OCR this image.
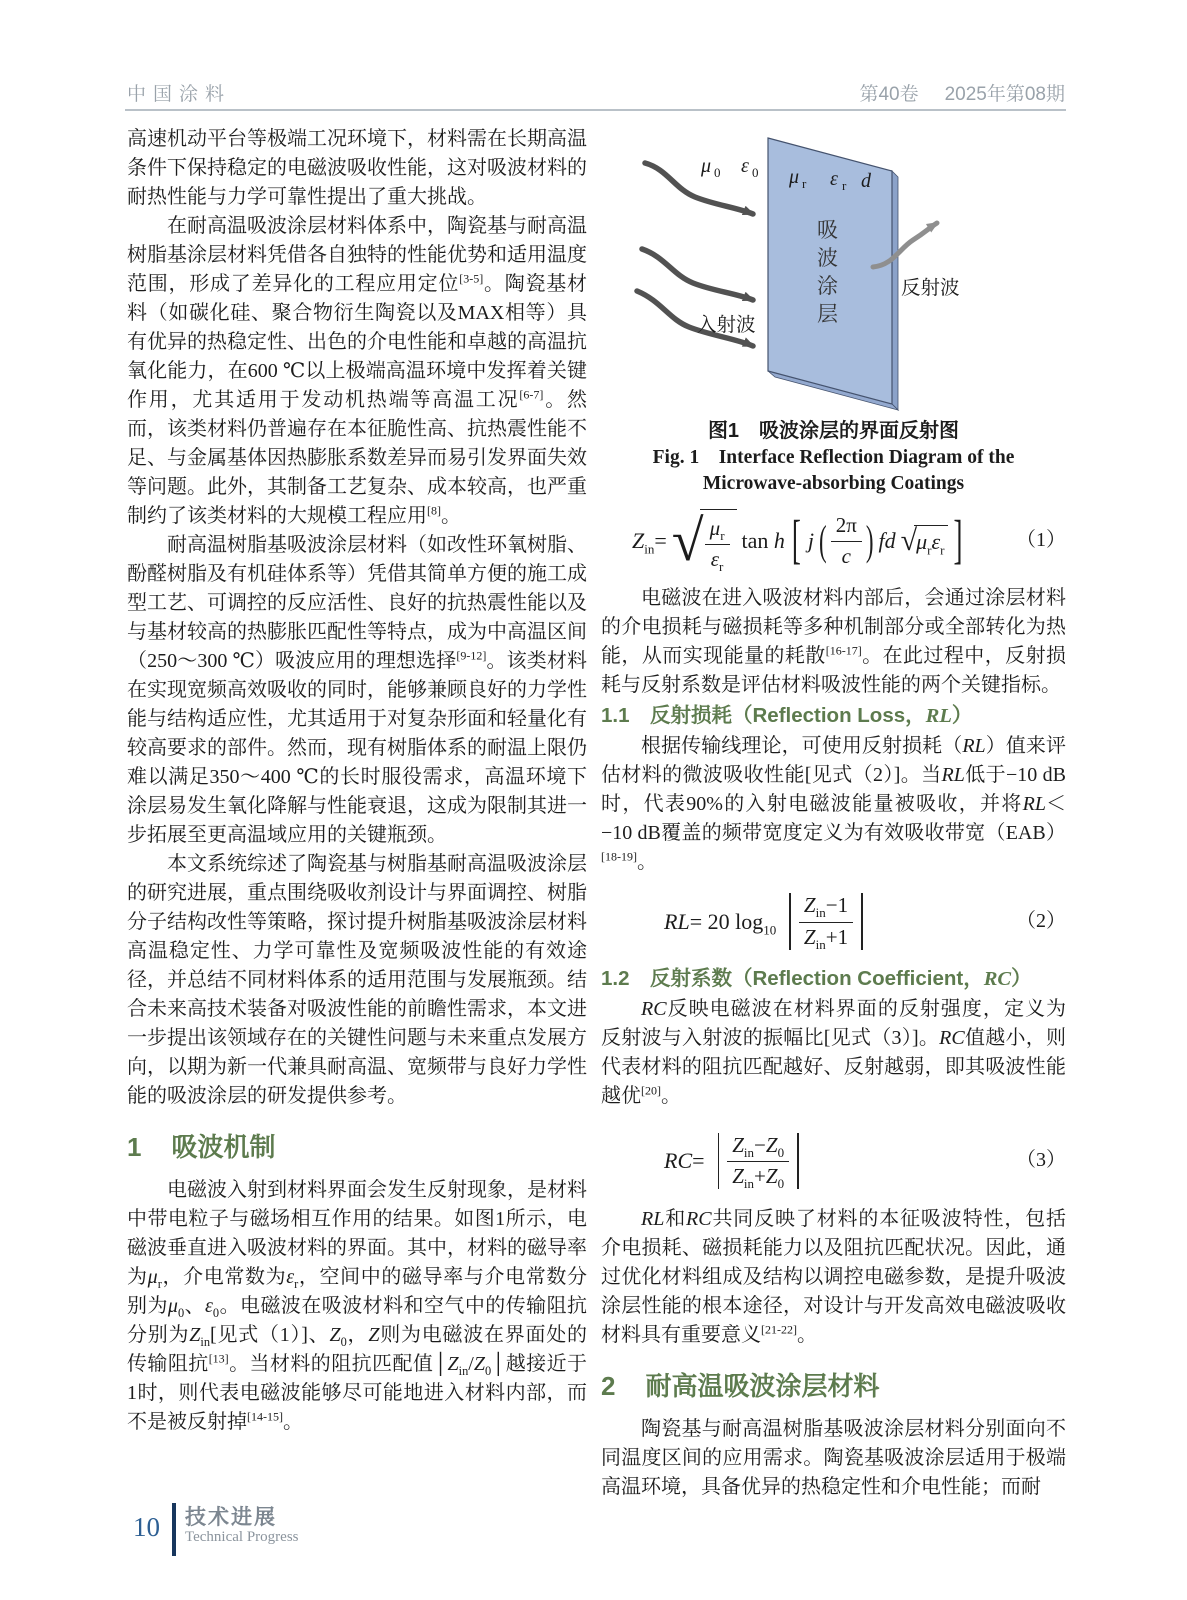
中国涂料	第40卷 2025年第08期

高速机动平台等极端工况环境下，材料需在长期高温条件下保持稳定的电磁波吸收性能，这对吸波材料的耐热性能与力学可靠性提出了重大挑战。

在耐高温吸波涂层材料体系中，陶瓷基与耐高温树脂基涂层材料凭借各自独特的性能优势和适用温度范围，形成了差异化的工程应用定位[3-5]。陶瓷基材料（如碳化硅、聚合物衍生陶瓷以及MAX相等）具有优异的热稳定性、出色的介电性能和卓越的高温抗氧化能力，在600 ℃以上极端高温环境中发挥着关键作用，尤其适用于发动机热端等高温工况[6-7]。然而，该类材料仍普遍存在本征脆性高、抗热震性能不足、与金属基体因热膨胀系数差异而易引发界面失效等问题。此外，其制备工艺复杂、成本较高，也严重制约了该类材料的大规模工程应用[8]。

耐高温树脂基吸波涂层材料（如改性环氧树脂、酚醛树脂及有机硅体系等）凭借其简单方便的施工成型工艺、可调控的反应活性、良好的抗热震性能以及与基材较高的热膨胀匹配性等特点，成为中高温区间（250～300 ℃）吸波应用的理想选择[9-12]。该类材料在实现宽频高效吸收的同时，能够兼顾良好的力学性能与结构适应性，尤其适用于对复杂形面和轻量化有较高要求的部件。然而，现有树脂体系的耐温上限仍难以满足350～400 ℃的长时服役需求，高温环境下涂层易发生氧化降解与性能衰退，这成为限制其进一步拓展至更高温域应用的关键瓶颈。

本文系统综述了陶瓷基与树脂基耐高温吸波涂层的研究进展，重点围绕吸收剂设计与界面调控、树脂分子结构改性等策略，探讨提升树脂基吸波涂层材料高温稳定性、力学可靠性及宽频吸波性能的有效途径，并总结不同材料体系的适用范围与发展瓶颈。结合未来高技术装备对吸波性能的前瞻性需求，本文进一步提出该领域存在的关键性问题与未来重点发展方向，以期为新一代兼具耐高温、宽频带与良好力学性能的吸波涂层的研发提供参考。

1 吸波机制

电磁波入射到材料界面会发生反射现象，是材料中带电粒子与磁场相互作用的结果。如图1所示，电磁波垂直进入吸波材料的界面。其中，材料的磁导率为$\mu_r$，介电常数为$\varepsilon_r$，空间中的磁导率与介电常数分别为$\mu_0$、$\varepsilon_0$。电磁波在吸波材料和空气中的传输阻抗分别为$Z_{in}$[见式（1）]、$Z_0$，Z则为电磁波在界面处的传输阻抗[13]。当材料的阻抗匹配值$│Z_{in}/Z_0│$越接近于1时，则代表电磁波能够尽可能地进入材料内部，而不是被反射掉[14-15]。

μ 0 ε 0 μ r ε r d
吸
波
涂
层
入射波
反射波
图1　吸波涂层的界面反射图
Fig. 1　Interface Reflection Diagram of the
Microwave-absorbing Coatings
$Z_{in}=$ √ $\frac{\mu_r}{\varepsilon_r}$ tan h [ j ( $\frac{2\pi}{c}$ ) fd √ $\mu_r\varepsilon_r$ ]	（1）

电磁波在进入吸波材料内部后，会通过涂层材料的介电损耗与磁损耗等多种机制部分或全部转化为热能，从而实现能量的耗散[16-17]。在此过程中，反射损耗与反射系数是评估材料吸波性能的两个关键指标。

1.1　反射损耗（Reflection Loss，RL）

根据传输线理论，可使用反射损耗（RL）值来评估材料的微波吸收性能[见式（2）]。当RL低于−10 dB时，代表90%的入射电磁波能量被吸收，并将RL＜−10 dB覆盖的频带宽度定义为有效吸收带宽（EAB）[18-19]。

RL= 20 $\log_{10} \frac{Z_{in}-1}{Z_{in}+1}$	（2）
1.2　反射系数（Reflection Coefficient，RC）

RC反映电磁波在材料界面的反射强度，定义为反射波与入射波的振幅比[见式（3）]。RC值越小，则代表材料的阻抗匹配越好、反射越弱，即其吸波性能越优[20]。

$RC= \frac{Z_{in}-Z_0}{Z_{in}+Z_0}$	（3）

RL和RC共同反映了材料的本征吸波特性，包括介电损耗、磁损耗能力以及阻抗匹配状况。因此，通过优化材料组成及结构以调控电磁参数，是提升吸波涂层性能的根本途径，对设计与开发高效电磁波吸收材料具有重要意义[21-22]。

2 耐高温吸波涂层材料

陶瓷基与耐高温树脂基吸波涂层材料分别面向不同温度区间的应用需求。陶瓷基吸波涂层适用于极端高温环境，具备优异的热稳定性和介电性能；而耐

10 技术进展
Technical Progress
